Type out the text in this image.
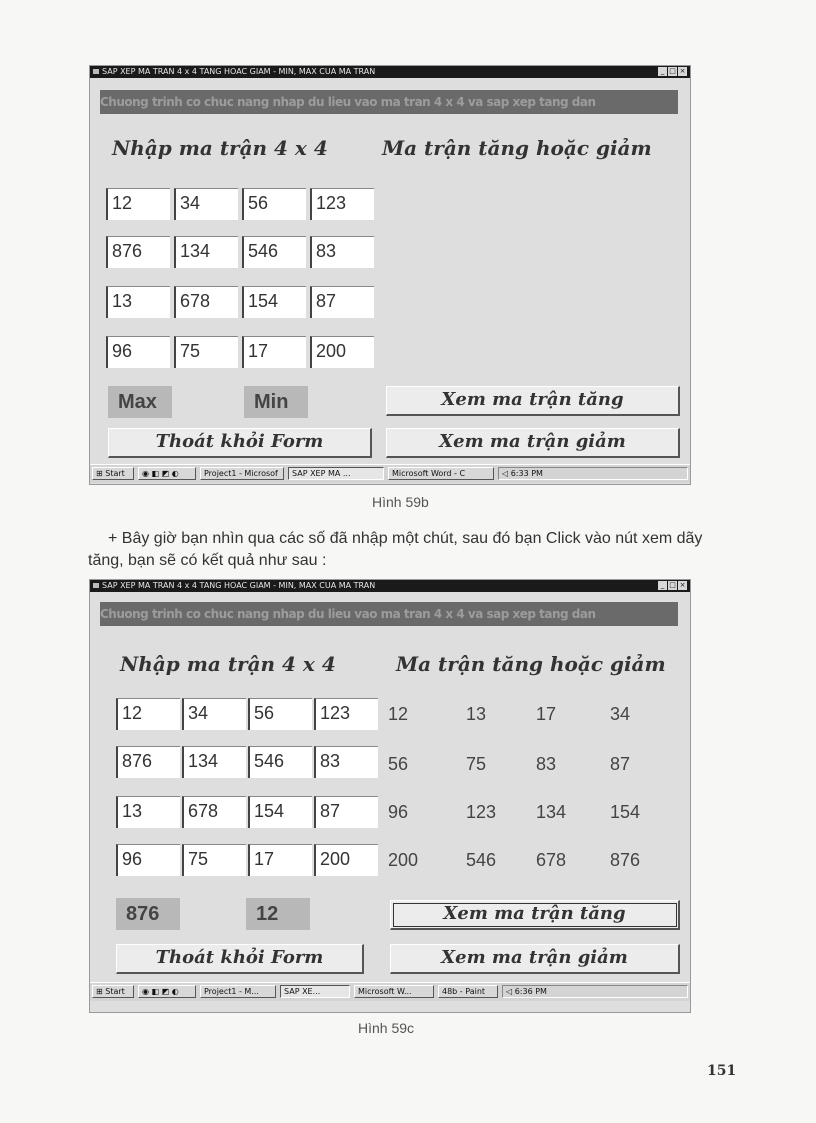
SAP XEP MA TRAN 4 x 4 TANG HOAC GIAM - MIN, MAX CUA MA TRAN	_ □ ×
Chuong trinh co chuc nang nhap du lieu vao ma tran 4 x 4 va sap xep tang dan
Nhập ma trận 4 x 4	Ma trận tăng hoặc giảm
12	34	56	123
876	134	546	83
13	678	154	87
96	75	17	200
Max	Min	Xem ma trận tăng
Thoát khỏi Form	Xem ma trận giảm
⊞ Start	◉ ◧ ◩ ◐	Project1 - Microsof	SAP XEP MA ...	Microsoft Word - C	◁ 6:33 PM
Hình 59b
+ Bây giờ bạn nhìn qua các số đã nhập một chút, sau đó bạn Click vào nút xem dãy tăng, bạn sẽ có kết quả như sau :
SAP XEP MA TRAN 4 x 4 TANG HOAC GIAM - MIN, MAX CUA MA TRAN	_ □ ×
Chuong trinh co chuc nang nhap du lieu vao ma tran 4 x 4 va sap xep tang dan
Nhập ma trận 4 x 4	Ma trận tăng hoặc giảm
12	34	56	123
876	134	546	83
13	678	154	87
96	75	17	200
12	13	17	34
56	75	83	87
96	123 134 154
200	546 678 876
876	12	Xem ma trận tăng
Thoát khỏi Form	Xem ma trận giảm
⊞ Start	◉ ◧ ◩ ◐	Project1 - M...	SAP XE...	Microsoft W...	48b - Paint	◁ 6:36 PM
Hình 59c
151
